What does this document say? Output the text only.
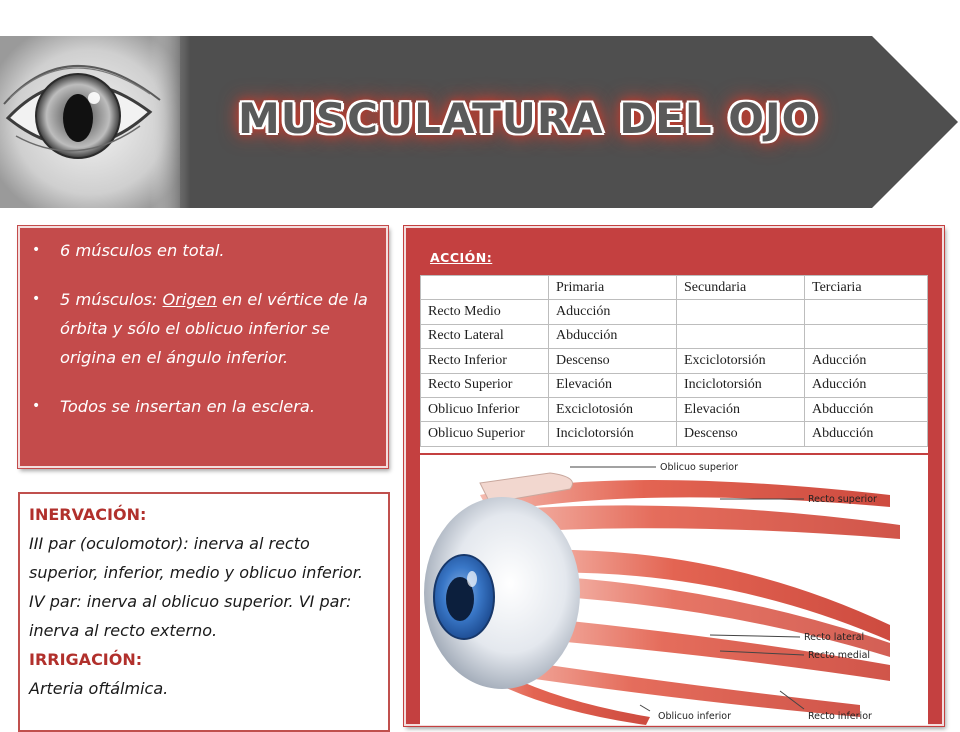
MUSCULATURA DEL OJO
• 6 músculos en total.
• 5 músculos: Origen en el vértice de la órbita y sólo el oblicuo inferior se origina en el ángulo inferior.
• Todos se insertan en la esclera.
INERVACIÓN:
III par (oculomotor): inerva al recto superior, inferior, medio y oblicuo inferior.
IV par: inerva al oblicuo superior. VI par: inerva al recto externo.
IRRIGACIÓN:
Arteria oftálmica.
ACCIÓN:
	Primaria	Secundaria	Terciaria
Recto Medio	Aducción		
Recto Lateral	Abducción		
Recto Inferior	Descenso	Exciclotorsión	Aducción
Recto Superior	Elevación	Inciclotorsión	Aducción
Oblicuo Inferior	Exciclotosión	Elevación	Abducción
Oblicuo Superior	Inciclotorsión	Descenso	Abducción
Oblicuo superior
Recto superior
Recto lateral
Recto medial
Oblicuo inferior	Recto inferior
